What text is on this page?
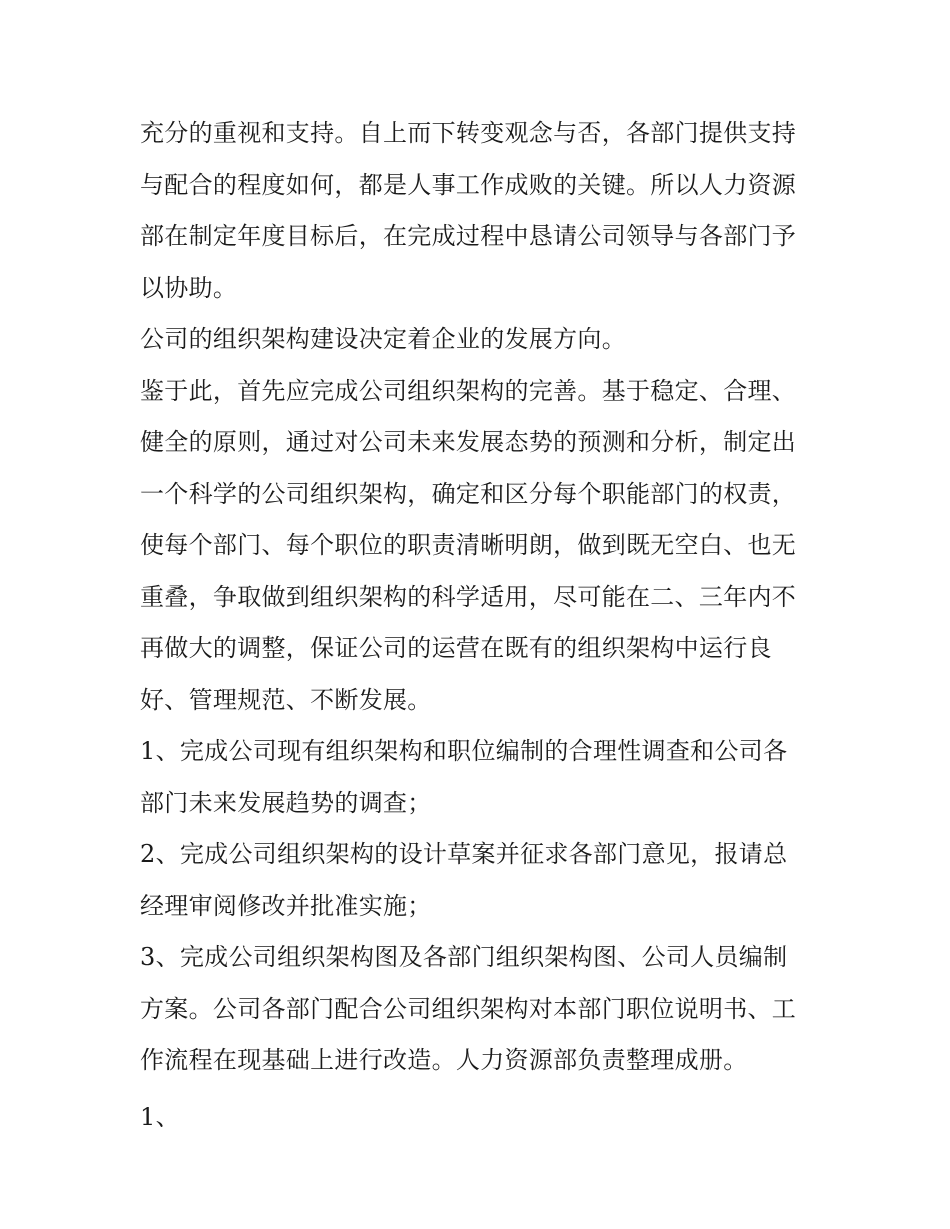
充分的重视和支持。自上而下转变观念与否，各部门提供支持
与配合的程度如何，都是人事工作成败的关键。所以人力资源
部在制定年度目标后，在完成过程中恳请公司领导与各部门予
以协助。
公司的组织架构建设决定着企业的发展方向。
鉴于此，首先应完成公司组织架构的完善。基于稳定、合理、
健全的原则，通过对公司未来发展态势的预测和分析，制定出
一个科学的公司组织架构，确定和区分每个职能部门的权责，
使每个部门、每个职位的职责清晰明朗，做到既无空白、也无
重叠，争取做到组织架构的科学适用，尽可能在二、三年内不
再做大的调整，保证公司的运营在既有的组织架构中运行良
好、管理规范、不断发展。
1、完成公司现有组织架构和职位编制的合理性调查和公司各
部门未来发展趋势的调查；
2、完成公司组织架构的设计草案并征求各部门意见，报请总
经理审阅修改并批准实施；
3、完成公司组织架构图及各部门组织架构图、公司人员编制
方案。公司各部门配合公司组织架构对本部门职位说明书、工
作流程在现基础上进行改造。人力资源部负责整理成册。
1、
